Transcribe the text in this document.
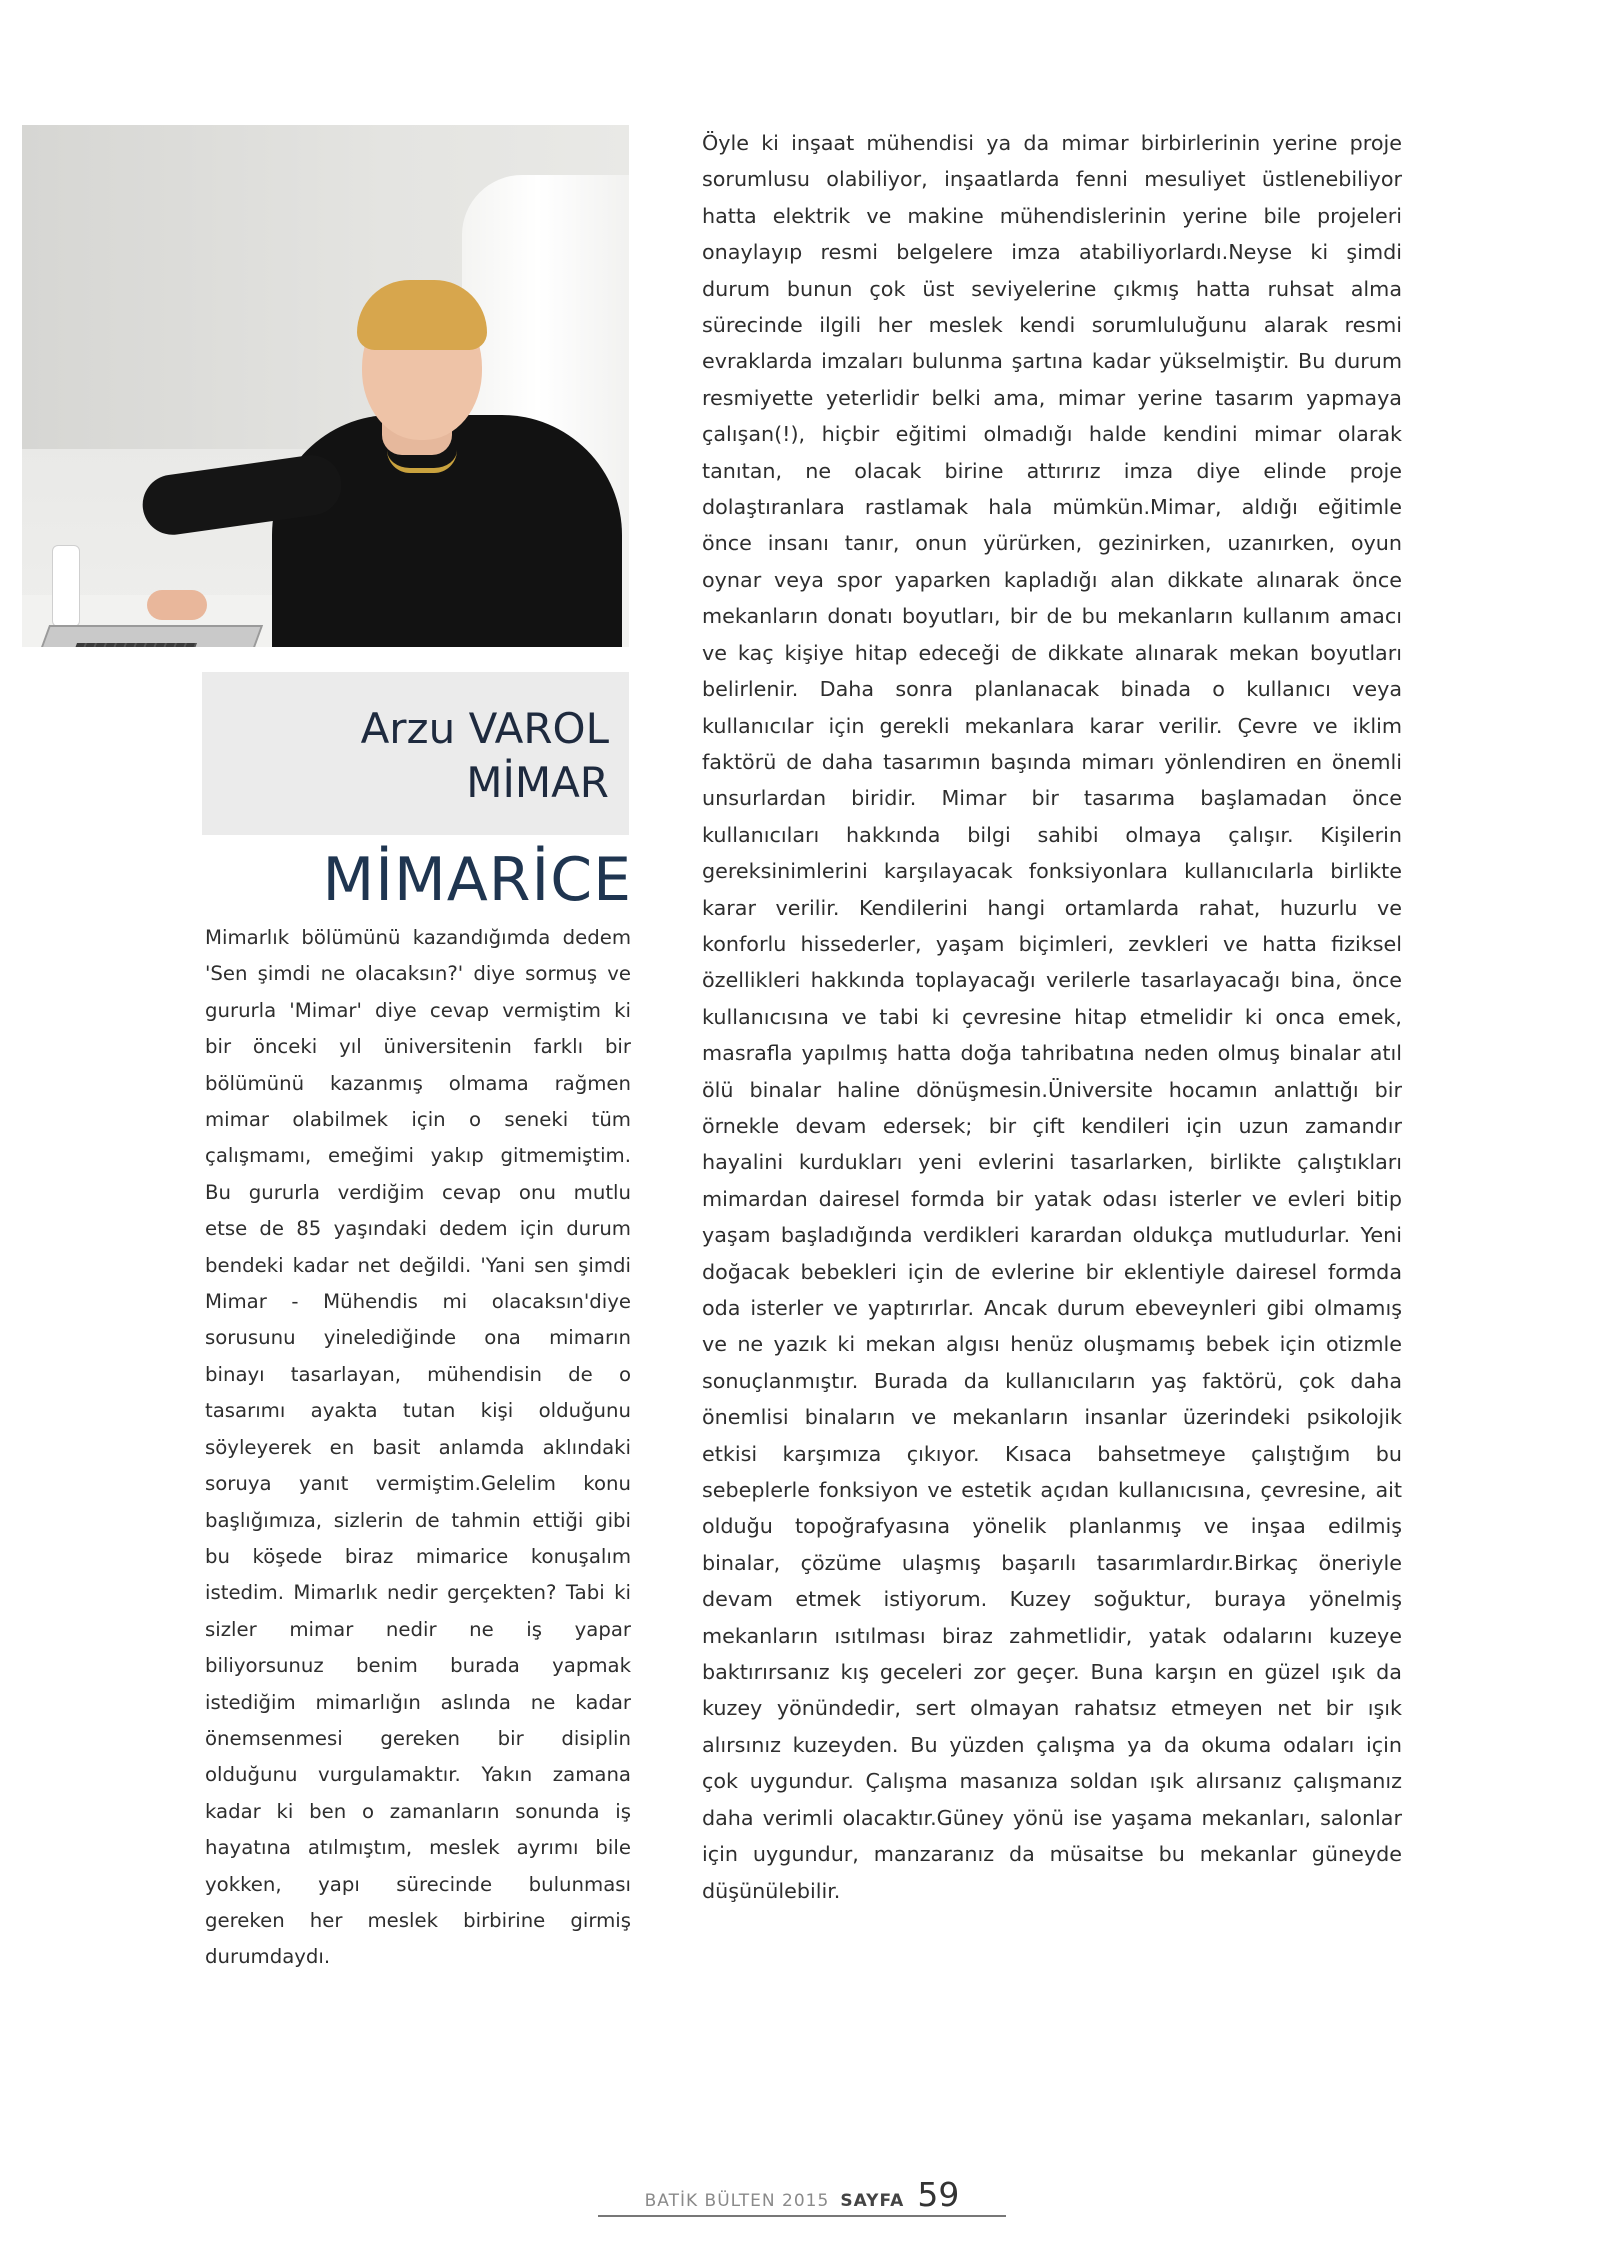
Arzu VAROL
MİMAR
MİMARİCE
Mimarlık bölümünü kazandığımda dedem 'Sen şimdi ne olacaksın?' diye sormuş ve gururla 'Mimar' diye cevap vermiştim ki bir önceki yıl üniversitenin farklı bir bölümünü kazanmış olmama rağmen mimar olabilmek için o seneki tüm çalışmamı, emeğimi yakıp gitmemiştim. Bu gururla verdiğim cevap onu mutlu etse de 85 yaşındaki dedem için durum bendeki kadar net değildi. 'Yani sen şimdi Mimar - Mühendis mi olacaksın'diye sorusunu yinelediğinde ona mimarın binayı tasarlayan, mühendisin de o tasarımı ayakta tutan kişi olduğunu söyleyerek en basit anlamda aklındaki soruya yanıt vermiştim.Gelelim konu başlığımıza, sizlerin de tahmin ettiği gibi bu köşede biraz mimarice konuşalım istedim. Mimarlık nedir gerçekten? Tabi ki sizler mimar nedir ne iş yapar biliyorsunuz benim burada yapmak istediğim mimarlığın aslında ne kadar önemsenmesi gereken bir disiplin olduğunu vurgulamaktır. Yakın zamana kadar ki ben o zamanların sonunda iş hayatına atılmıştım, meslek ayrımı bile yokken, yapı sürecinde bulunması gereken her meslek birbirine girmiş durumdaydı.
Öyle ki inşaat mühendisi ya da mimar birbirlerinin yerine proje sorumlusu olabiliyor, inşaatlarda fenni mesuliyet üstlenebiliyor hatta elektrik ve makine mühendislerinin yerine bile projeleri onaylayıp resmi belgelere imza atabiliyorlardı.Neyse ki şimdi durum bunun çok üst seviyelerine çıkmış hatta ruhsat alma sürecinde ilgili her meslek kendi sorumluluğunu alarak resmi evraklarda imzaları bulunma şartına kadar yükselmiştir. Bu durum resmiyette yeterlidir belki ama, mimar yerine tasarım yapmaya çalışan(!), hiçbir eğitimi olmadığı halde kendini mimar olarak tanıtan, ne olacak birine attırırız imza diye elinde proje dolaştıranlara rastlamak hala mümkün.Mimar, aldığı eğitimle önce insanı tanır, onun yürürken, gezinirken, uzanırken, oyun oynar veya spor yaparken kapladığı alan dikkate alınarak önce mekanların donatı boyutları, bir de bu mekanların kullanım amacı ve kaç kişiye hitap edeceği de dikkate alınarak mekan boyutları belirlenir. Daha sonra planlanacak binada o kullanıcı veya kullanıcılar için gerekli mekanlara karar verilir. Çevre ve iklim faktörü de daha tasarımın başında mimarı yönlendiren en önemli unsurlardan biridir. Mimar bir tasarıma başlamadan önce kullanıcıları hakkında bilgi sahibi olmaya çalışır. Kişilerin gereksinimlerini karşılayacak fonksiyonlara kullanıcılarla birlikte karar verilir. Kendilerini hangi ortamlarda rahat, huzurlu ve konforlu hissederler, yaşam biçimleri, zevkleri ve hatta fiziksel özellikleri hakkında toplayacağı verilerle tasarlayacağı bina, önce kullanıcısına ve tabi ki çevresine hitap etmelidir ki onca emek, masrafla yapılmış hatta doğa tahribatına neden olmuş binalar atıl ölü binalar haline dönüşmesin.Üniversite hocamın anlattığı bir örnekle devam edersek; bir çift kendileri için uzun zamandır hayalini kurdukları yeni evlerini tasarlarken, birlikte çalıştıkları mimardan dairesel formda bir yatak odası isterler ve evleri bitip yaşam başladığında verdikleri karardan oldukça mutludurlar. Yeni doğacak bebekleri için de evlerine bir eklentiyle dairesel formda oda isterler ve yaptırırlar. Ancak durum ebeveynleri gibi olmamış ve ne yazık ki mekan algısı henüz oluşmamış bebek için otizmle sonuçlanmıştır. Burada da kullanıcıların yaş faktörü, çok daha önemlisi binaların ve mekanların insanlar üzerindeki psikolojik etkisi karşımıza çıkıyor. Kısaca bahsetmeye çalıştığım bu sebeplerle fonksiyon ve estetik açıdan kullanıcısına, çevresine, ait olduğu topoğrafyasına yönelik planlanmış ve inşaa edilmiş binalar, çözüme ulaşmış başarılı tasarımlardır.Birkaç öneriyle devam etmek istiyorum. Kuzey soğuktur, buraya yönelmiş mekanların ısıtılması biraz zahmetlidir, yatak odalarını kuzeye baktırırsanız kış geceleri zor geçer. Buna karşın en güzel ışık da kuzey yönündedir, sert olmayan rahatsız etmeyen net bir ışık alırsınız kuzeyden. Bu yüzden çalışma ya da okuma odaları için çok uygundur. Çalışma masanıza soldan ışık alırsanız çalışmanız daha verimli olacaktır.Güney yönü ise yaşama mekanları, salonlar için uygundur, manzaranız da müsaitse bu mekanlar güneyde düşünülebilir.
BATİK BÜLTEN 2015 SAYFA 59
